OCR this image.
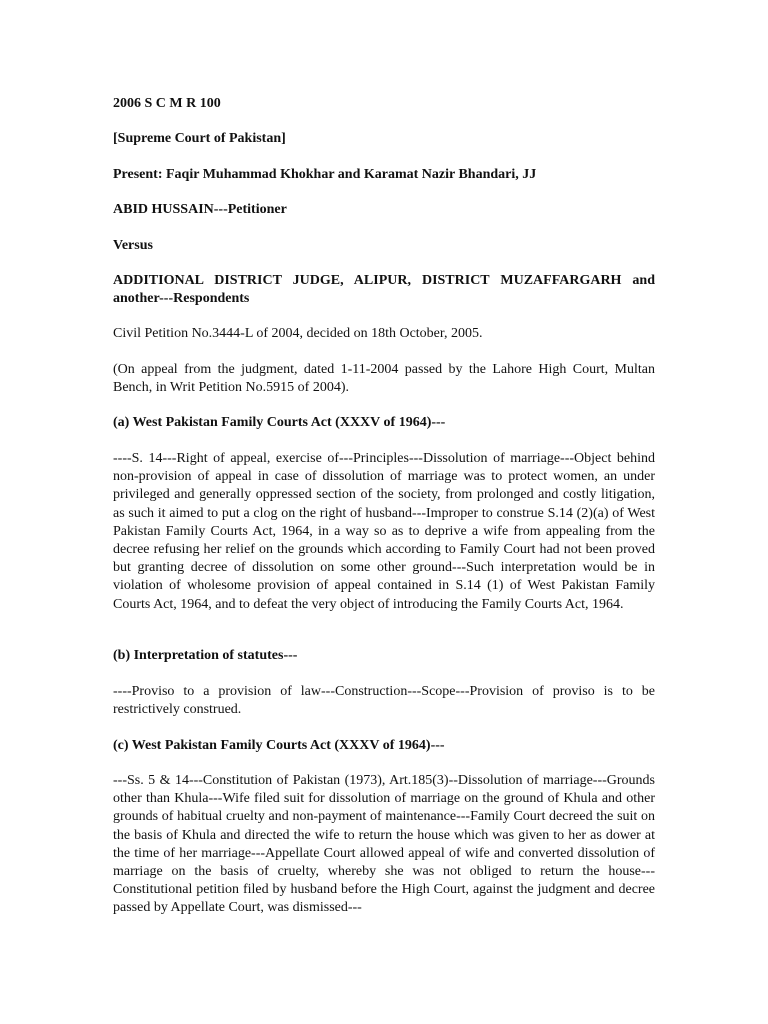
2006 S C M R 100

[Supreme Court of Pakistan]

Present: Faqir Muhammad Khokhar and Karamat Nazir Bhandari, JJ

ABID HUSSAIN---Petitioner

Versus

ADDITIONAL DISTRICT JUDGE, ALIPUR, DISTRICT MUZAFFARGARH and another---Respondents

Civil Petition No.3444-L of 2004, decided on 18th October, 2005.

(On appeal from the judgment, dated 1-11-2004 passed by the Lahore High Court, Multan Bench, in Writ Petition No.5915 of 2004).

(a) West Pakistan Family Courts Act (XXXV of 1964)---

----S. 14---Right of appeal, exercise of---Principles---Dissolution of marriage---Object behind non-provision of appeal in case of dissolution of marriage was to protect women, an under privileged and generally oppressed section of the society, from prolonged and costly litigation, as such it aimed to put a clog on the right of husband---Improper to construe S.14 (2)(a) of West Pakistan Family Courts Act, 1964, in a way so as to deprive a wife from appealing from the decree refusing her relief on the grounds which according to Family Court had not been proved but granting decree of dissolution on some other ground---Such interpretation would be in violation of wholesome provision of appeal contained in S.14 (1) of West Pakistan Family Courts Act, 1964, and to defeat the very object of introducing the Family Courts Act, 1964.

(b) Interpretation of statutes---

----Proviso to a provision of law---Construction---Scope---Provision of proviso is to be restrictively construed.

(c) West Pakistan Family Courts Act (XXXV of 1964)---

---Ss. 5 & 14---Constitution of Pakistan (1973), Art.185(3)--Dissolution of marriage---Grounds other than Khula---Wife filed suit for dissolution of marriage on the ground of Khula and other grounds of habitual cruelty and non-payment of maintenance---Family Court decreed the suit on the basis of Khula and directed the wife to return the house which was given to her as dower at the time of her marriage---Appellate Court allowed appeal of wife and converted dissolution of marriage on the basis of cruelty, whereby she was not obliged to return the house---Constitutional petition filed by husband before the High Court, against the judgment and decree passed by Appellate Court, was dismissed---
